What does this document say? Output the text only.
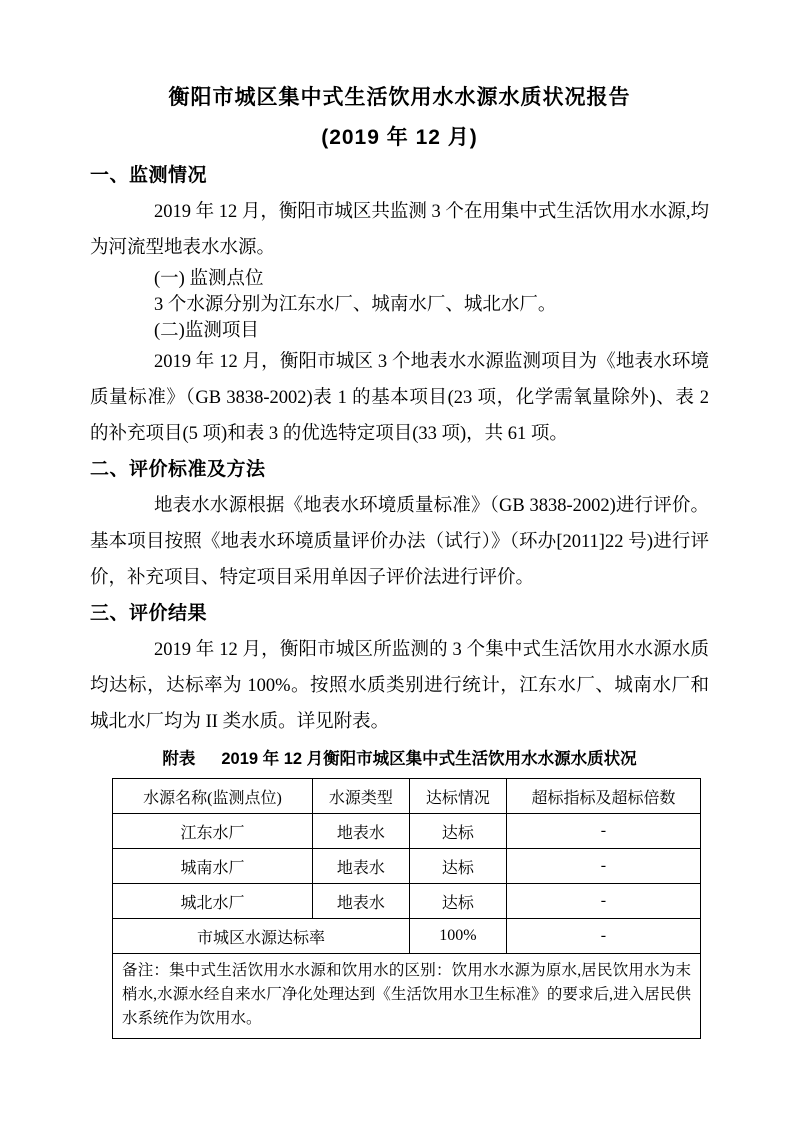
衡阳市城区集中式生活饮用水水源水质状况报告
(2019 年 12 月)
一、监测情况

2019 年 12 月，衡阳市城区共监测 3 个在用集中式生活饮用水水源,均为河流型地表水水源。

(一) 监测点位

3 个水源分别为江东水厂、城南水厂、城北水厂。

(二)监测项目

2019 年 12 月，衡阳市城区 3 个地表水水源监测项目为《地表水环境质量标准》（GB 3838-2002)表 1 的基本项目(23 项，化学需氧量除外)、表 2 的补充项目(5 项)和表 3 的优选特定项目(33 项)，共 61 项。

二、评价标准及方法

地表水水源根据《地表水环境质量标准》（GB 3838-2002)进行评价。基本项目按照《地表水环境质量评价办法（试行）》（环办[2011]22 号)进行评价，补充项目、特定项目采用单因子评价法进行评价。

三、评价结果

2019 年 12 月，衡阳市城区所监测的 3 个集中式生活饮用水水源水质均达标，达标率为 100%。按照水质类别进行统计，江东水厂、城南水厂和城北水厂均为 II 类水质。详见附表。

附表 2019 年 12 月衡阳市城区集中式生活饮用水水源水质状况
水源名称(监测点位)	水源类型	达标情况	超标指标及超标倍数
江东水厂	地表水	达标	-
城南水厂	地表水	达标	-
城北水厂	地表水	达标	-
市城区水源达标率		100%	-
备注：集中式生活饮用水水源和饮用水的区别：饮用水水源为原水,居民饮用水为末梢水,水源水经自来水厂净化处理达到《生活饮用水卫生标准》的要求后,进入居民供水系统作为饮用水。			
